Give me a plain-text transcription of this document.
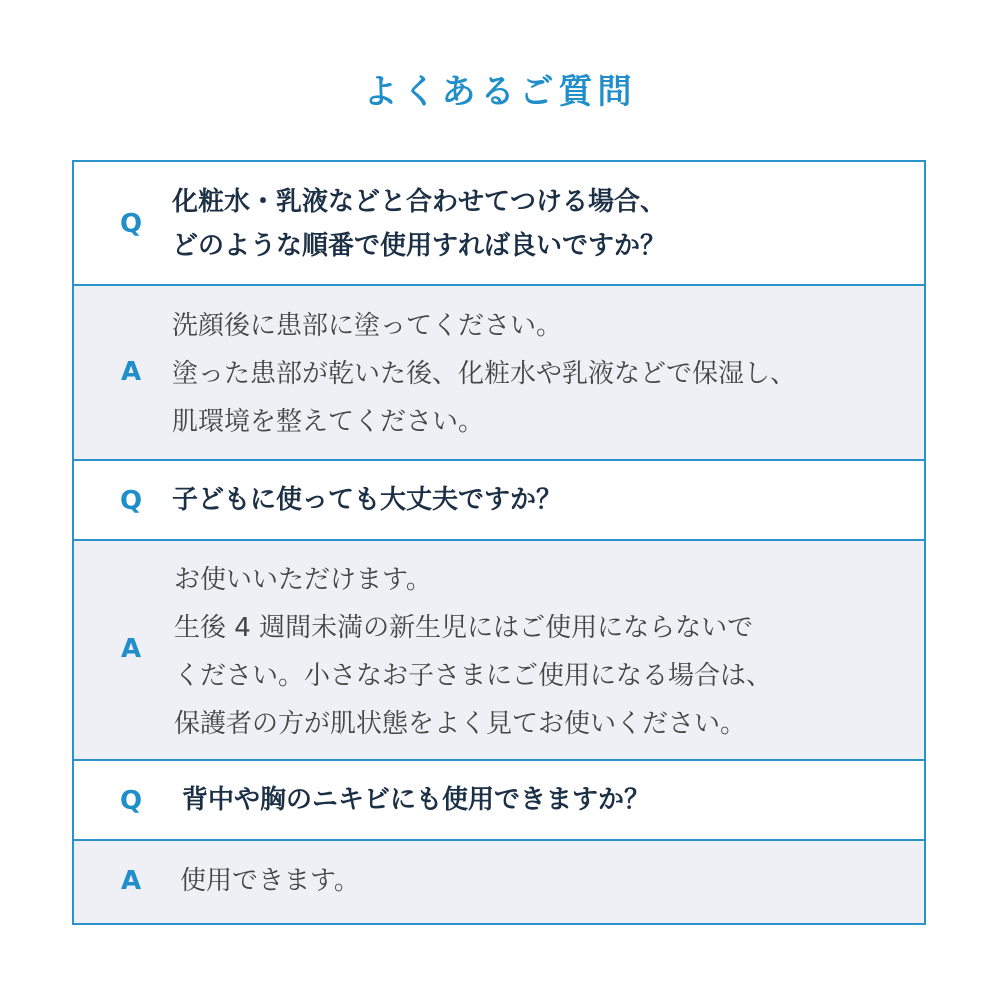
よくあるご質問
Q
化粧水・乳液などと合わせてつける場合、
どのような順番で使用すれば良いですか？
A
洗顔後に患部に塗ってください。
塗った患部が乾いた後、化粧水や乳液などで保湿し、
肌環境を整えてください。
Q 子どもに使っても大丈夫ですか？
A
お使いいただけます。
生後 4 週間未満の新生児にはご使用にならないで
ください。小さなお子さまにご使用になる場合は、
保護者の方が肌状態をよく見てお使いください。
Q 背中や胸のニキビにも使用できますか？
A 使用できます。
